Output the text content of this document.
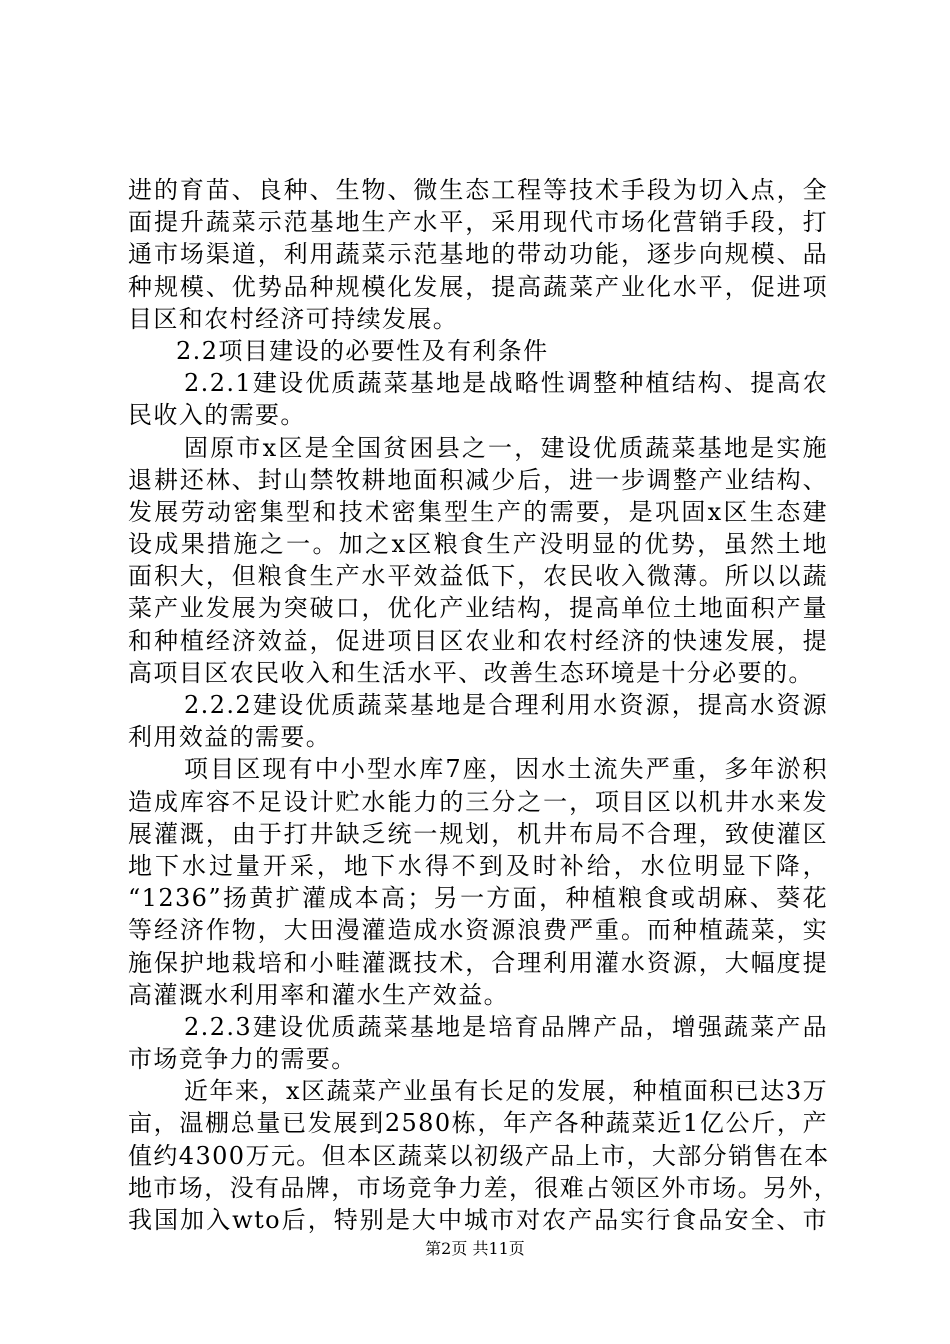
进的育苗、良种、生物、微生态工程等技术手段为切入点，全
面提升蔬菜示范基地生产水平，采用现代市场化营销手段，打
通市场渠道，利用蔬菜示范基地的带动功能，逐步向规模、品
种规模、优势品种规模化发展，提高蔬菜产业化水平，促进项
目区和农村经济可持续发展。
2.2项目建设的必要性及有利条件
2.2.1建设优质蔬菜基地是战略性调整种植结构、提高农
民收入的需要。
固原市x区是全国贫困县之一，建设优质蔬菜基地是实施
退耕还林、封山禁牧耕地面积减少后，进一步调整产业结构、
发展劳动密集型和技术密集型生产的需要，是巩固x区生态建
设成果措施之一。加之x区粮食生产没明显的优势，虽然土地
面积大，但粮食生产水平效益低下，农民收入微薄。所以以蔬
菜产业发展为突破口，优化产业结构，提高单位土地面积产量
和种植经济效益，促进项目区农业和农村经济的快速发展，提
高项目区农民收入和生活水平、改善生态环境是十分必要的。
2.2.2建设优质蔬菜基地是合理利用水资源，提高水资源
利用效益的需要。
项目区现有中小型水库7座，因水土流失严重，多年淤积
造成库容不足设计贮水能力的三分之一，项目区以机井水来发
展灌溉，由于打井缺乏统一规划，机井布局不合理，致使灌区
地下水过量开采，地下水得不到及时补给，水位明显下降，
“1236”扬黄扩灌成本高；另一方面，种植粮食或胡麻、葵花
等经济作物，大田漫灌造成水资源浪费严重。而种植蔬菜，实
施保护地栽培和小畦灌溉技术，合理利用灌水资源，大幅度提
高灌溉水利用率和灌水生产效益。
2.2.3建设优质蔬菜基地是培育品牌产品，增强蔬菜产品
市场竞争力的需要。
近年来，x区蔬菜产业虽有长足的发展，种植面积已达3万
亩，温棚总量已发展到2580栋，年产各种蔬菜近1亿公斤，产
值约4300万元。但本区蔬菜以初级产品上市，大部分销售在本
地市场，没有品牌，市场竞争力差，很难占领区外市场。另外，
我国加入wto后，特别是大中城市对农产品实行食品安全、市
第2页 共11页
